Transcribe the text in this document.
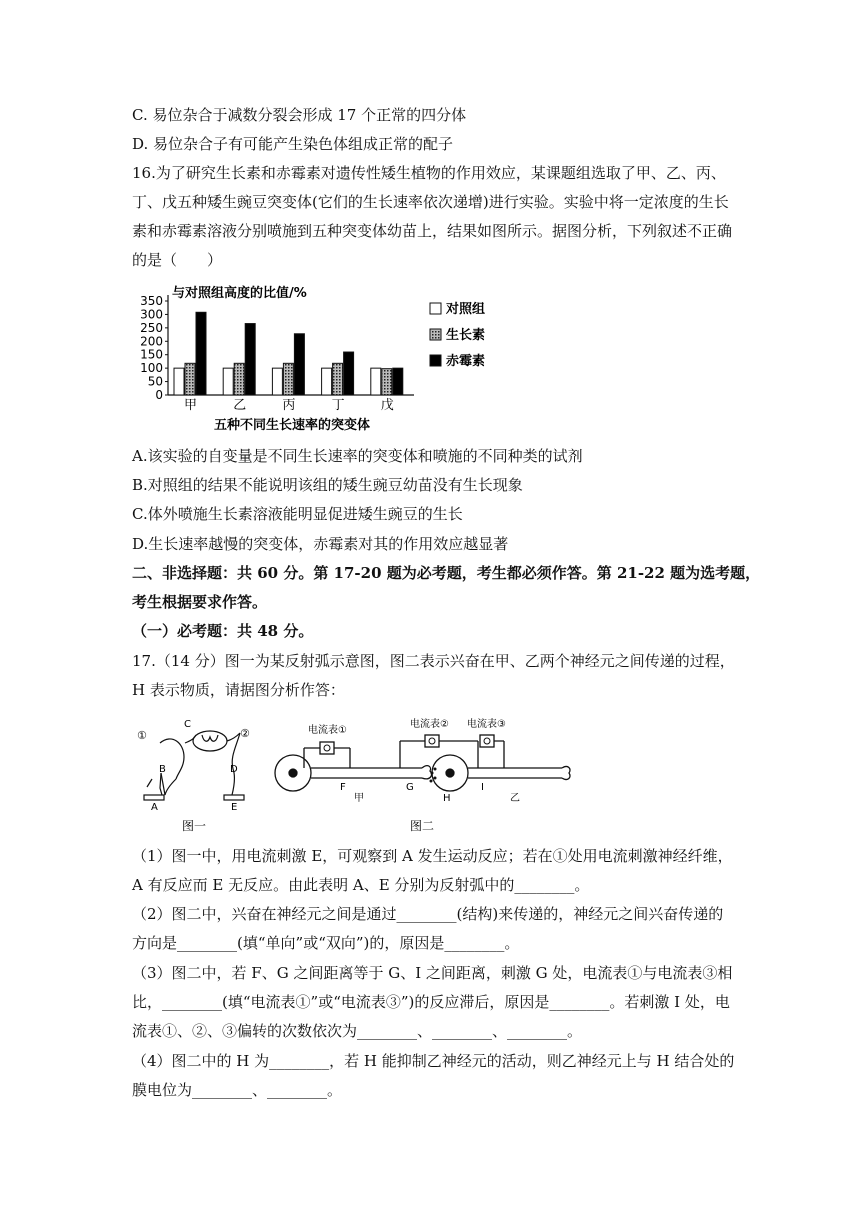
C. 易位杂合于减数分裂会形成 17 个正常的四分体
D. 易位杂合子有可能产生染色体组成正常的配子
16.为了研究生长素和赤霉素对遗传性矮生植物的作用效应，某课题组选取了甲、乙、丙、
丁、戊五种矮生豌豆突变体(它们的生长速率依次递增)进行实验。实验中将一定浓度的生长
素和赤霉素溶液分别喷施到五种突变体幼苗上，结果如图所示。据图分析，下列叙述不正确
的是（　　）
0
50
100
150
200
250
300
350
甲	乙	丙	丁	戊
对照组
生长素
赤霉素
与对照组高度的比值/%
五种不同生长速率的突变体
A.该实验的自变量是不同生长速率的突变体和喷施的不同种类的试剂
B.对照组的结果不能说明该组的矮生豌豆幼苗没有生长现象
C.体外喷施生长素溶液能明显促进矮生豌豆的生长
D.生长速率越慢的突变体，赤霉素对其的作用效应越显著
二、非选择题：共 60 分。第 17-20 题为必考题，考生都必须作答。第 21-22 题为选考题，
考生根据要求作答。
（一）必考题：共 48 分。
17.（14 分）图一为某反射弧示意图，图二表示兴奋在甲、乙两个神经元之间传递的过程，
H 表示物质，请据图分析作答：
①	②
C
B	D
A	E
图一
电流表①
电流表② 电流表③
F	G
H
I
甲	乙
图二
（1）图一中，用电流刺激 E，可观察到 A 发生运动反应；若在①处用电流刺激神经纤维，
A 有反应而 E 无反应。由此表明 A、E 分别为反射弧中的________。
（2）图二中，兴奋在神经元之间是通过________(结构)来传递的，神经元之间兴奋传递的
方向是________(填“单向”或“双向”)的，原因是________。
（3）图二中，若 F、G 之间距离等于 G、I 之间距离，刺激 G 处，电流表①与电流表③相
比，________(填“电流表①”或“电流表③”)的反应滞后，原因是________。若刺激 I 处，电
流表①、②、③偏转的次数依次为________、________、________。
（4）图二中的 H 为________，若 H 能抑制乙神经元的活动，则乙神经元上与 H 结合处的
膜电位为________、________。
